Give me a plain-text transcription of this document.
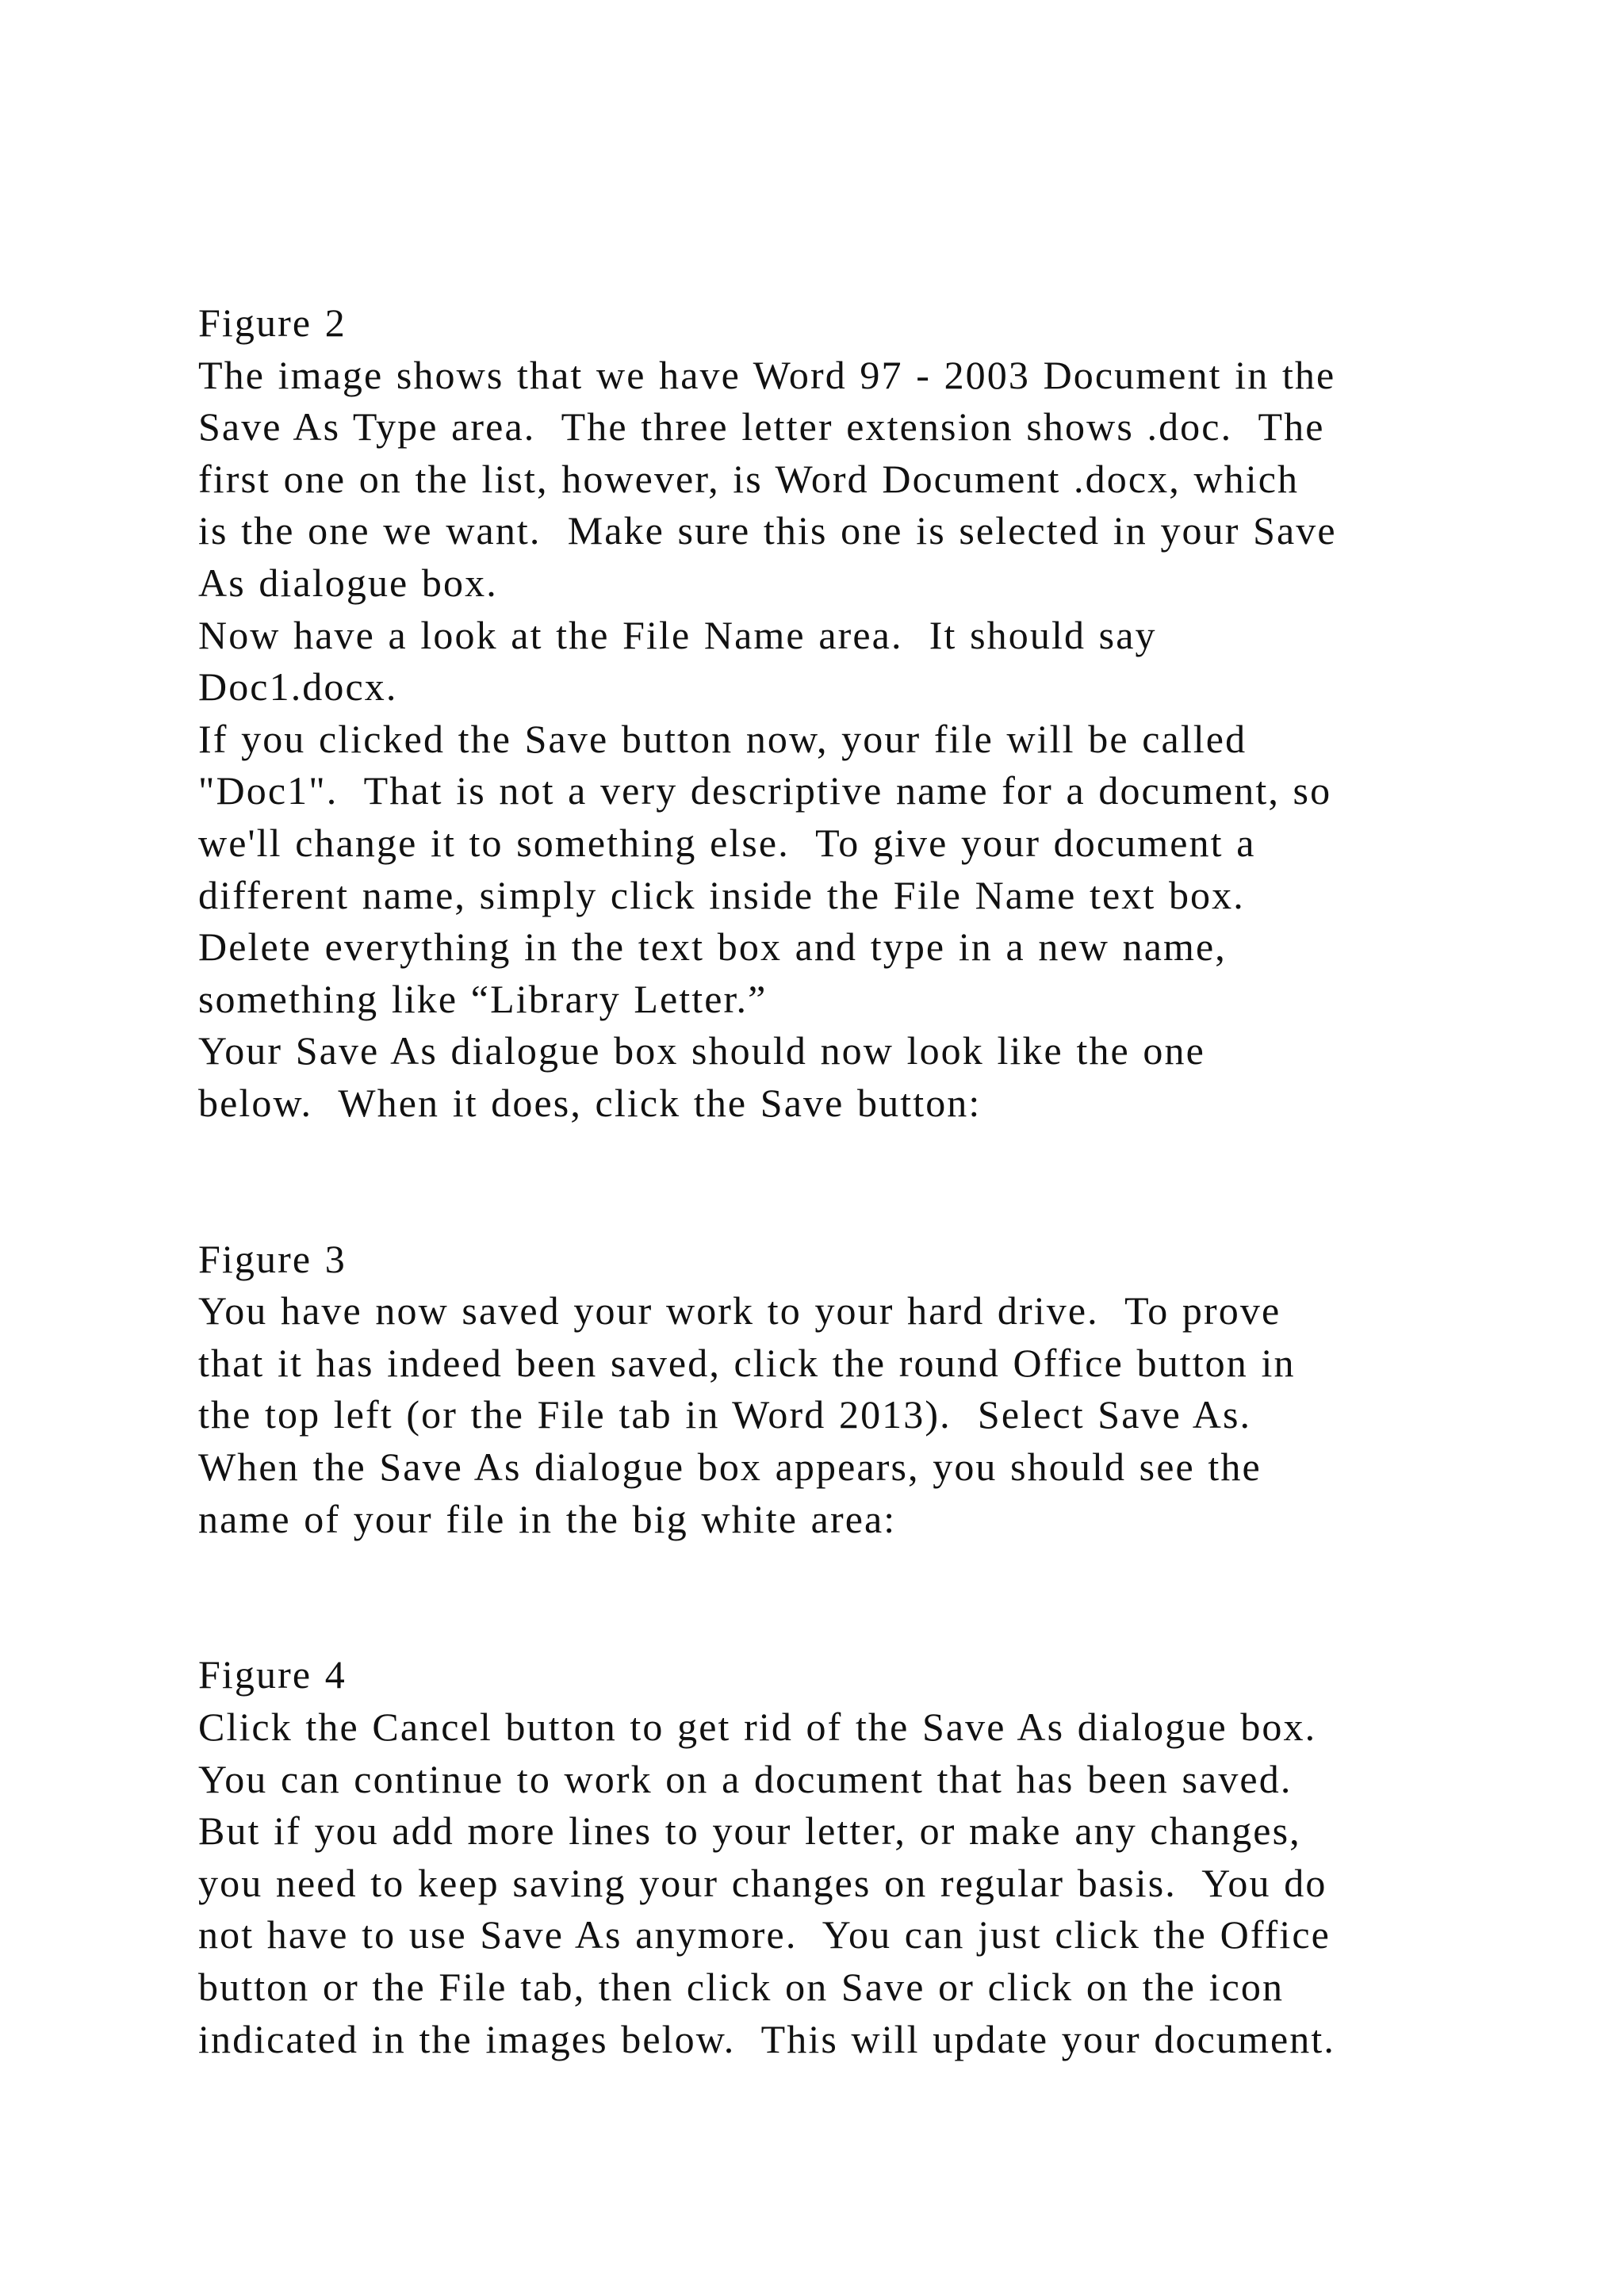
Figure 2
The image shows that we have Word 97 - 2003 Document in the
Save As Type area.  The three letter extension shows .doc.  The
first one on the list, however, is Word Document .docx, which
is the one we want.  Make sure this one is selected in your Save
As dialogue box.
Now have a look at the File Name area.  It should say
Doc1.docx.
If you clicked the Save button now, your file will be called
"Doc1".  That is not a very descriptive name for a document, so
we'll change it to something else.  To give your document a
different name, simply click inside the File Name text box.
Delete everything in the text box and type in a new name,
something like “Library Letter.”
Your Save As dialogue box should now look like the one
below.  When it does, click the Save button:
Figure 3
You have now saved your work to your hard drive.  To prove
that it has indeed been saved, click the round Office button in
the top left (or the File tab in Word 2013).  Select Save As.
When the Save As dialogue box appears, you should see the
name of your file in the big white area:
Figure 4
Click the Cancel button to get rid of the Save As dialogue box.
You can continue to work on a document that has been saved.
But if you add more lines to your letter, or make any changes,
you need to keep saving your changes on regular basis.  You do
not have to use Save As anymore.  You can just click the Office
button or the File tab, then click on Save or click on the icon
indicated in the images below.  This will update your document.
